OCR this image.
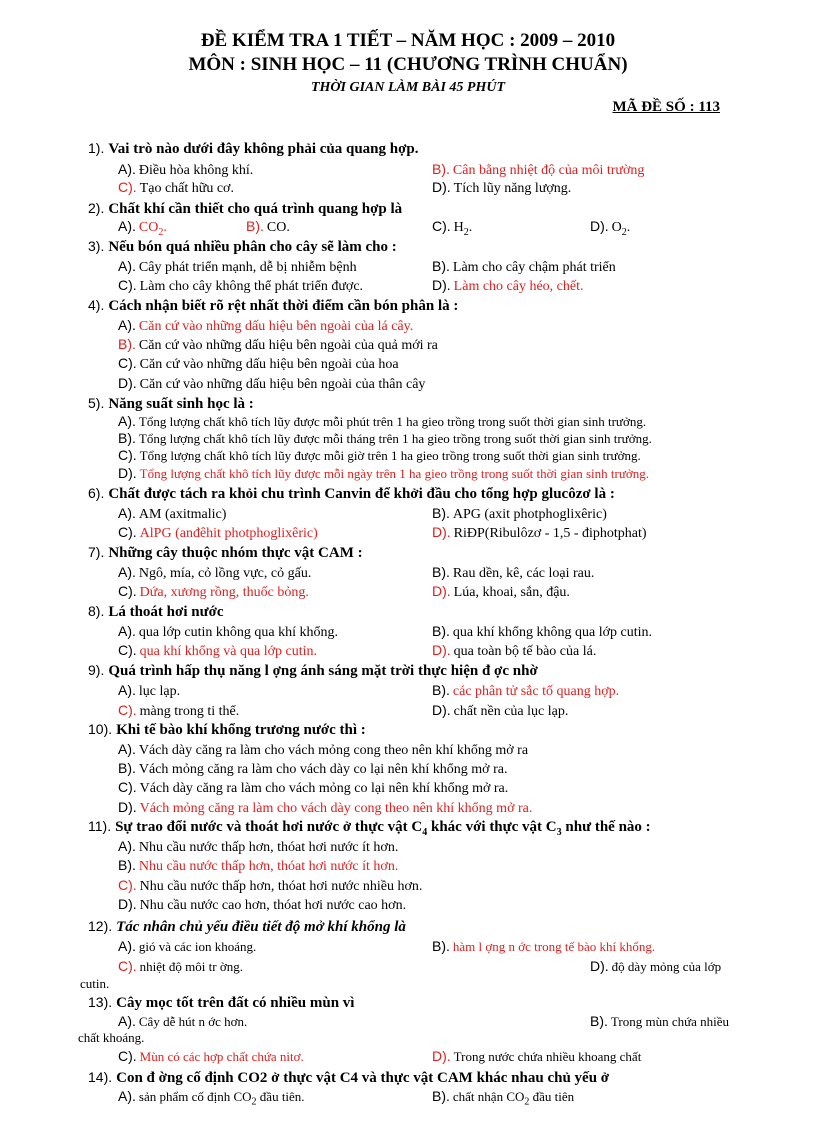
ĐỀ KIỂM TRA 1 TIẾT – NĂM HỌC : 2009 – 2010
MÔN : SINH HỌC – 11 (CHƯƠNG TRÌNH CHUẨN)
THỜI GIAN LÀM BÀI 45 PHÚT
MÃ ĐỀ SỐ : 113
1). Vai trò nào dưới đây không phải của quang hợp.
A). Điều hòa không khí.	B). Cân bằng nhiệt độ của môi trường
C). Tạo chất hữu cơ.	D). Tích lũy năng lượng.
2). Chất khí cần thiết cho quá trình quang hợp là
A). $CO_2$.	B). CO.	C). $H_2$.	D). $O_2$.
3). Nếu bón quá nhiều phân cho cây sẽ làm cho :
A). Cây phát triển mạnh, dễ bị nhiễm bệnh	B). Làm cho cây chậm phát triển
C). Làm cho cây không thể phát triển được.	D). Làm cho cây héo, chết.
4). Cách nhận biết rõ rệt nhất thời điểm cần bón phân là :
A). Căn cứ vào những dấu hiệu bên ngoài của lá cây.
B). Căn cứ vào những dấu hiệu bên ngoài của quả mới ra
C). Căn cứ vào những dấu hiệu bên ngoài của hoa
D). Căn cứ vào những dấu hiệu bên ngoài của thân cây
5). Năng suất sinh học là :
A). Tổng lượng chất khô tích lũy được mỗi phút trên 1 ha gieo trồng trong suốt thời gian sinh trưởng.
B). Tổng lượng chất khô tích lũy được mỗi tháng trên 1 ha gieo trồng trong suốt thời gian sinh trưởng.
C). Tổng lượng chất khô tích lũy được mỗi giờ trên 1 ha gieo trồng trong suốt thời gian sinh trưởng.
D). Tổng lượng chất khô tích lũy được mỗi ngày trên 1 ha gieo trồng trong suốt thời gian sinh trưởng.
6). Chất được tách ra khỏi chu trình Canvin để khởi đầu cho tổng hợp glucôzơ là :
A). AM (axitmalic)	B). APG (axit photphoglixêric)
C). AlPG (anđêhit photphoglixêric)	D). RiĐP(Ribulôzơ - 1,5 - điphotphat)
7). Những cây thuộc nhóm thực vật CAM :
A). Ngô, mía, cỏ lồng vực, cỏ gấu.	B). Rau dền, kê, các loại rau.
C). Dứa, xương rồng, thuốc bỏng.	D). Lúa, khoai, sắn, đậu.
8). Lá thoát hơi nước
A). qua lớp cutin không qua khí khổng.	B). qua khí khổng không qua lớp cutin.
C). qua khí khổng và qua lớp cutin.	D). qua toàn bộ tế bào của lá.
9). Quá trình hấp thụ năng l ợng ánh sáng mặt trời thực hiện đ ợc nhờ
A). lục lạp.	B). các phân tử sắc tố quang hợp.
C). màng trong ti thể.	D). chất nền của lục lạp.
10). Khi tế bào khí khổng trương nước thì :
A). Vách dày căng ra làm cho vách mỏng cong theo nên khí khổng mở ra
B). Vách mỏng căng ra làm cho vách dày co lại nên khí khổng mở ra.
C). Vách dày căng ra làm cho vách mỏng co lại nên khí khổng mở ra.
D). Vách mỏng căng ra làm cho vách dày cong theo nên khí khổng mở ra.
11). Sự trao đổi nước và thoát hơi nước ở thực vật $C_4$ khác với thực vật $C_3$ như thế nào :
A). Nhu cầu nước thấp hơn, thóat hơi nước ít hơn.
B). Nhu cầu nước thấp hơn, thóat hơi nước ít hơn.
C). Nhu cầu nước thấp hơn, thóat hơi nước nhiều hơn.
D). Nhu cầu nước cao hơn, thóat hơi nước cao hơn.
12). Tác nhân chủ yếu điều tiết độ mở khí khổng là
A). gió và các ion khoáng.	B). hàm l ợng n ớc trong tế bào khí khổng.
C). nhiệt độ môi tr ờng.	D). độ dày mỏng của lớp
cutin.
13). Cây mọc tốt trên đất có nhiều mùn vì
A). Cây dễ hút n ớc hơn.	B). Trong mùn chứa nhiều
chất khoáng.
C). Mùn có các hợp chất chứa nitơ.	D). Trong nước chứa nhiều khoang chất
14). Con đ ờng cố định CO2 ở thực vật C4 và thực vật CAM khác nhau chủ yếu ở
A). sản phẩm cố định $CO_2$ đầu tiên.	B). chất nhận $CO_2$ đầu tiên
